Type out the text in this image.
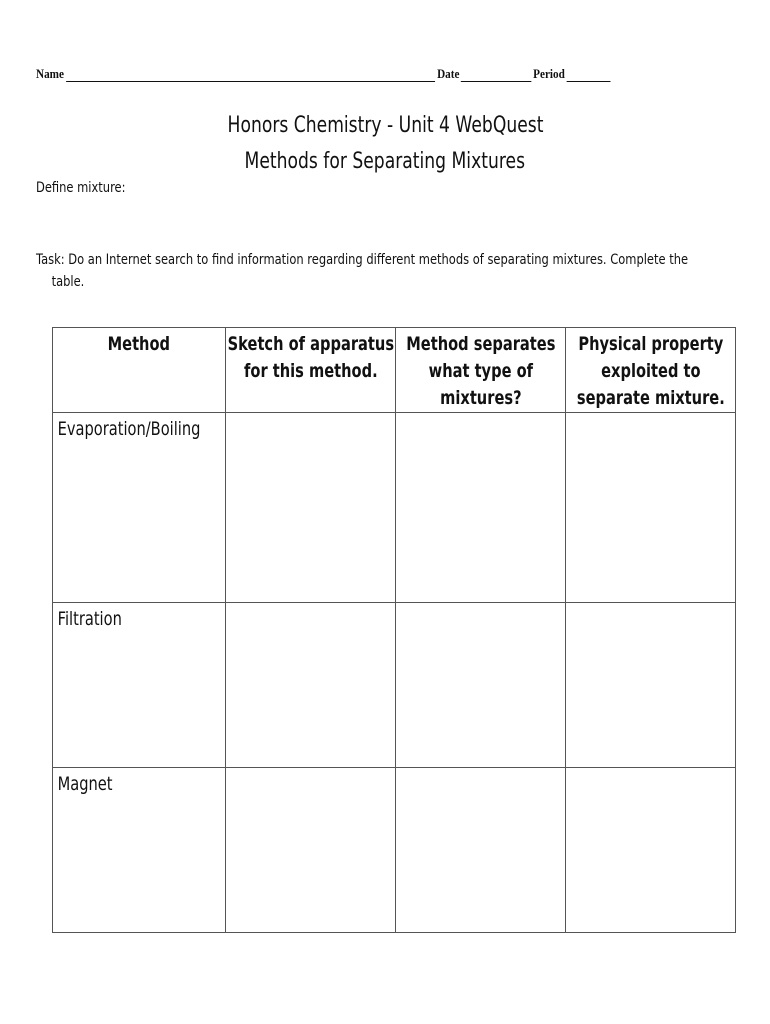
Name	Date	Period
Honors Chemistry - Unit 4 WebQuest
Methods for Separating Mixtures
Define mixture:
Task: Do an Internet search to find information regarding different methods of separating mixtures. Complete the
table.
Method	Sketch of apparatus for this method.	Method separates what type of mixtures?	Physical property exploited to separate mixture.

Evaporation/Boiling			

Filtration			

Magnet			
